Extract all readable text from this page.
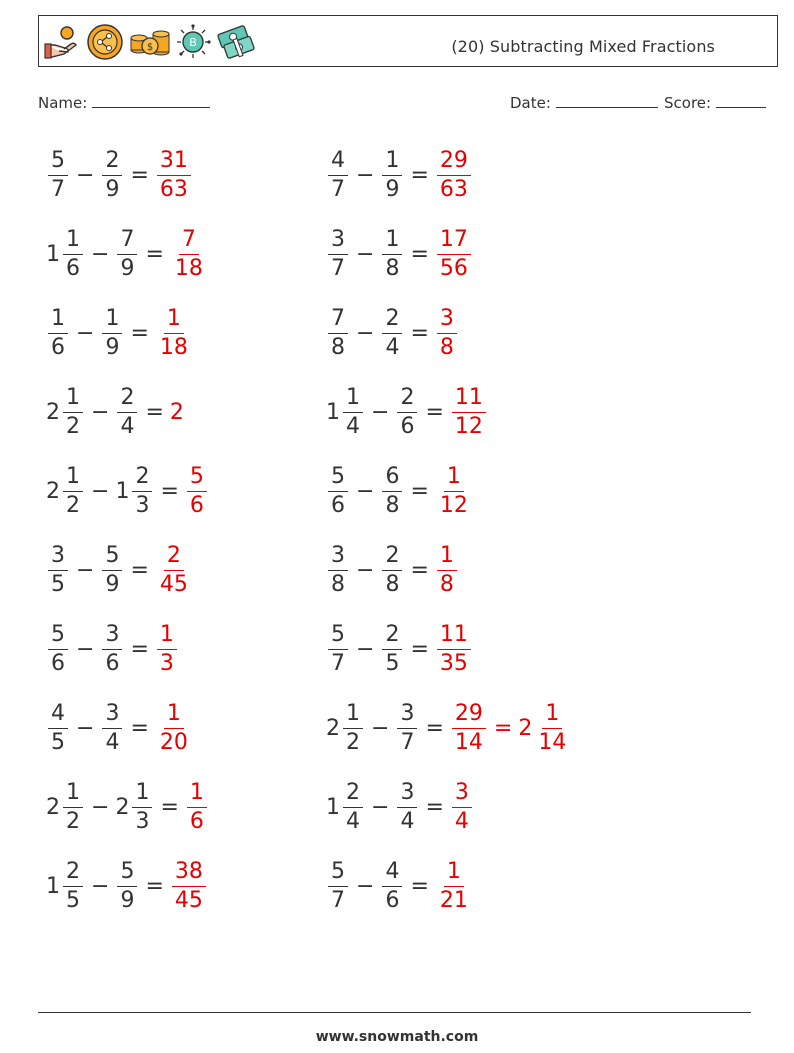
$	B	(20) Subtracting Mixed Fractions
Name:	Date:	Score:
$\frac{5}{7} - \frac{2}{9} = \frac{31}{63}$
$1 \frac{1}{6} - \frac{7}{9} = \frac{7}{18}$
$\frac{1}{6} - \frac{1}{9} = \frac{1}{18}$
$2 \frac{1}{2} - \frac{2}{4} = 2$
$2 \frac{1}{2} - 1 \frac{2}{3} = \frac{5}{6}$
$\frac{3}{5} - \frac{5}{9} = \frac{2}{45}$
$\frac{5}{6} - \frac{3}{6} = \frac{1}{3}$
$\frac{4}{5} - \frac{3}{4} = \frac{1}{20}$
$2 \frac{1}{2} - 2 \frac{1}{3} = \frac{1}{6}$
$1 \frac{2}{5} - \frac{5}{9} = \frac{38}{45}$
$\frac{4}{7} - \frac{1}{9} = \frac{29}{63}$
$\frac{3}{7} - \frac{1}{8} = \frac{17}{56}$
$\frac{7}{8} - \frac{2}{4} = \frac{3}{8}$
$1 \frac{1}{4} - \frac{2}{6} = \frac{11}{12}$
$\frac{5}{6} - \frac{6}{8} = \frac{1}{12}$
$\frac{3}{8} - \frac{2}{8} = \frac{1}{8}$
$\frac{5}{7} - \frac{2}{5} = \frac{11}{35}$
$2 \frac{1}{2} - \frac{3}{7} = \frac{29}{14} = 2 \frac{1}{14}$
$1 \frac{2}{4} - \frac{3}{4} = \frac{3}{4}$
$\frac{5}{7} - \frac{4}{6} = \frac{1}{21}$
www.snowmath.com
